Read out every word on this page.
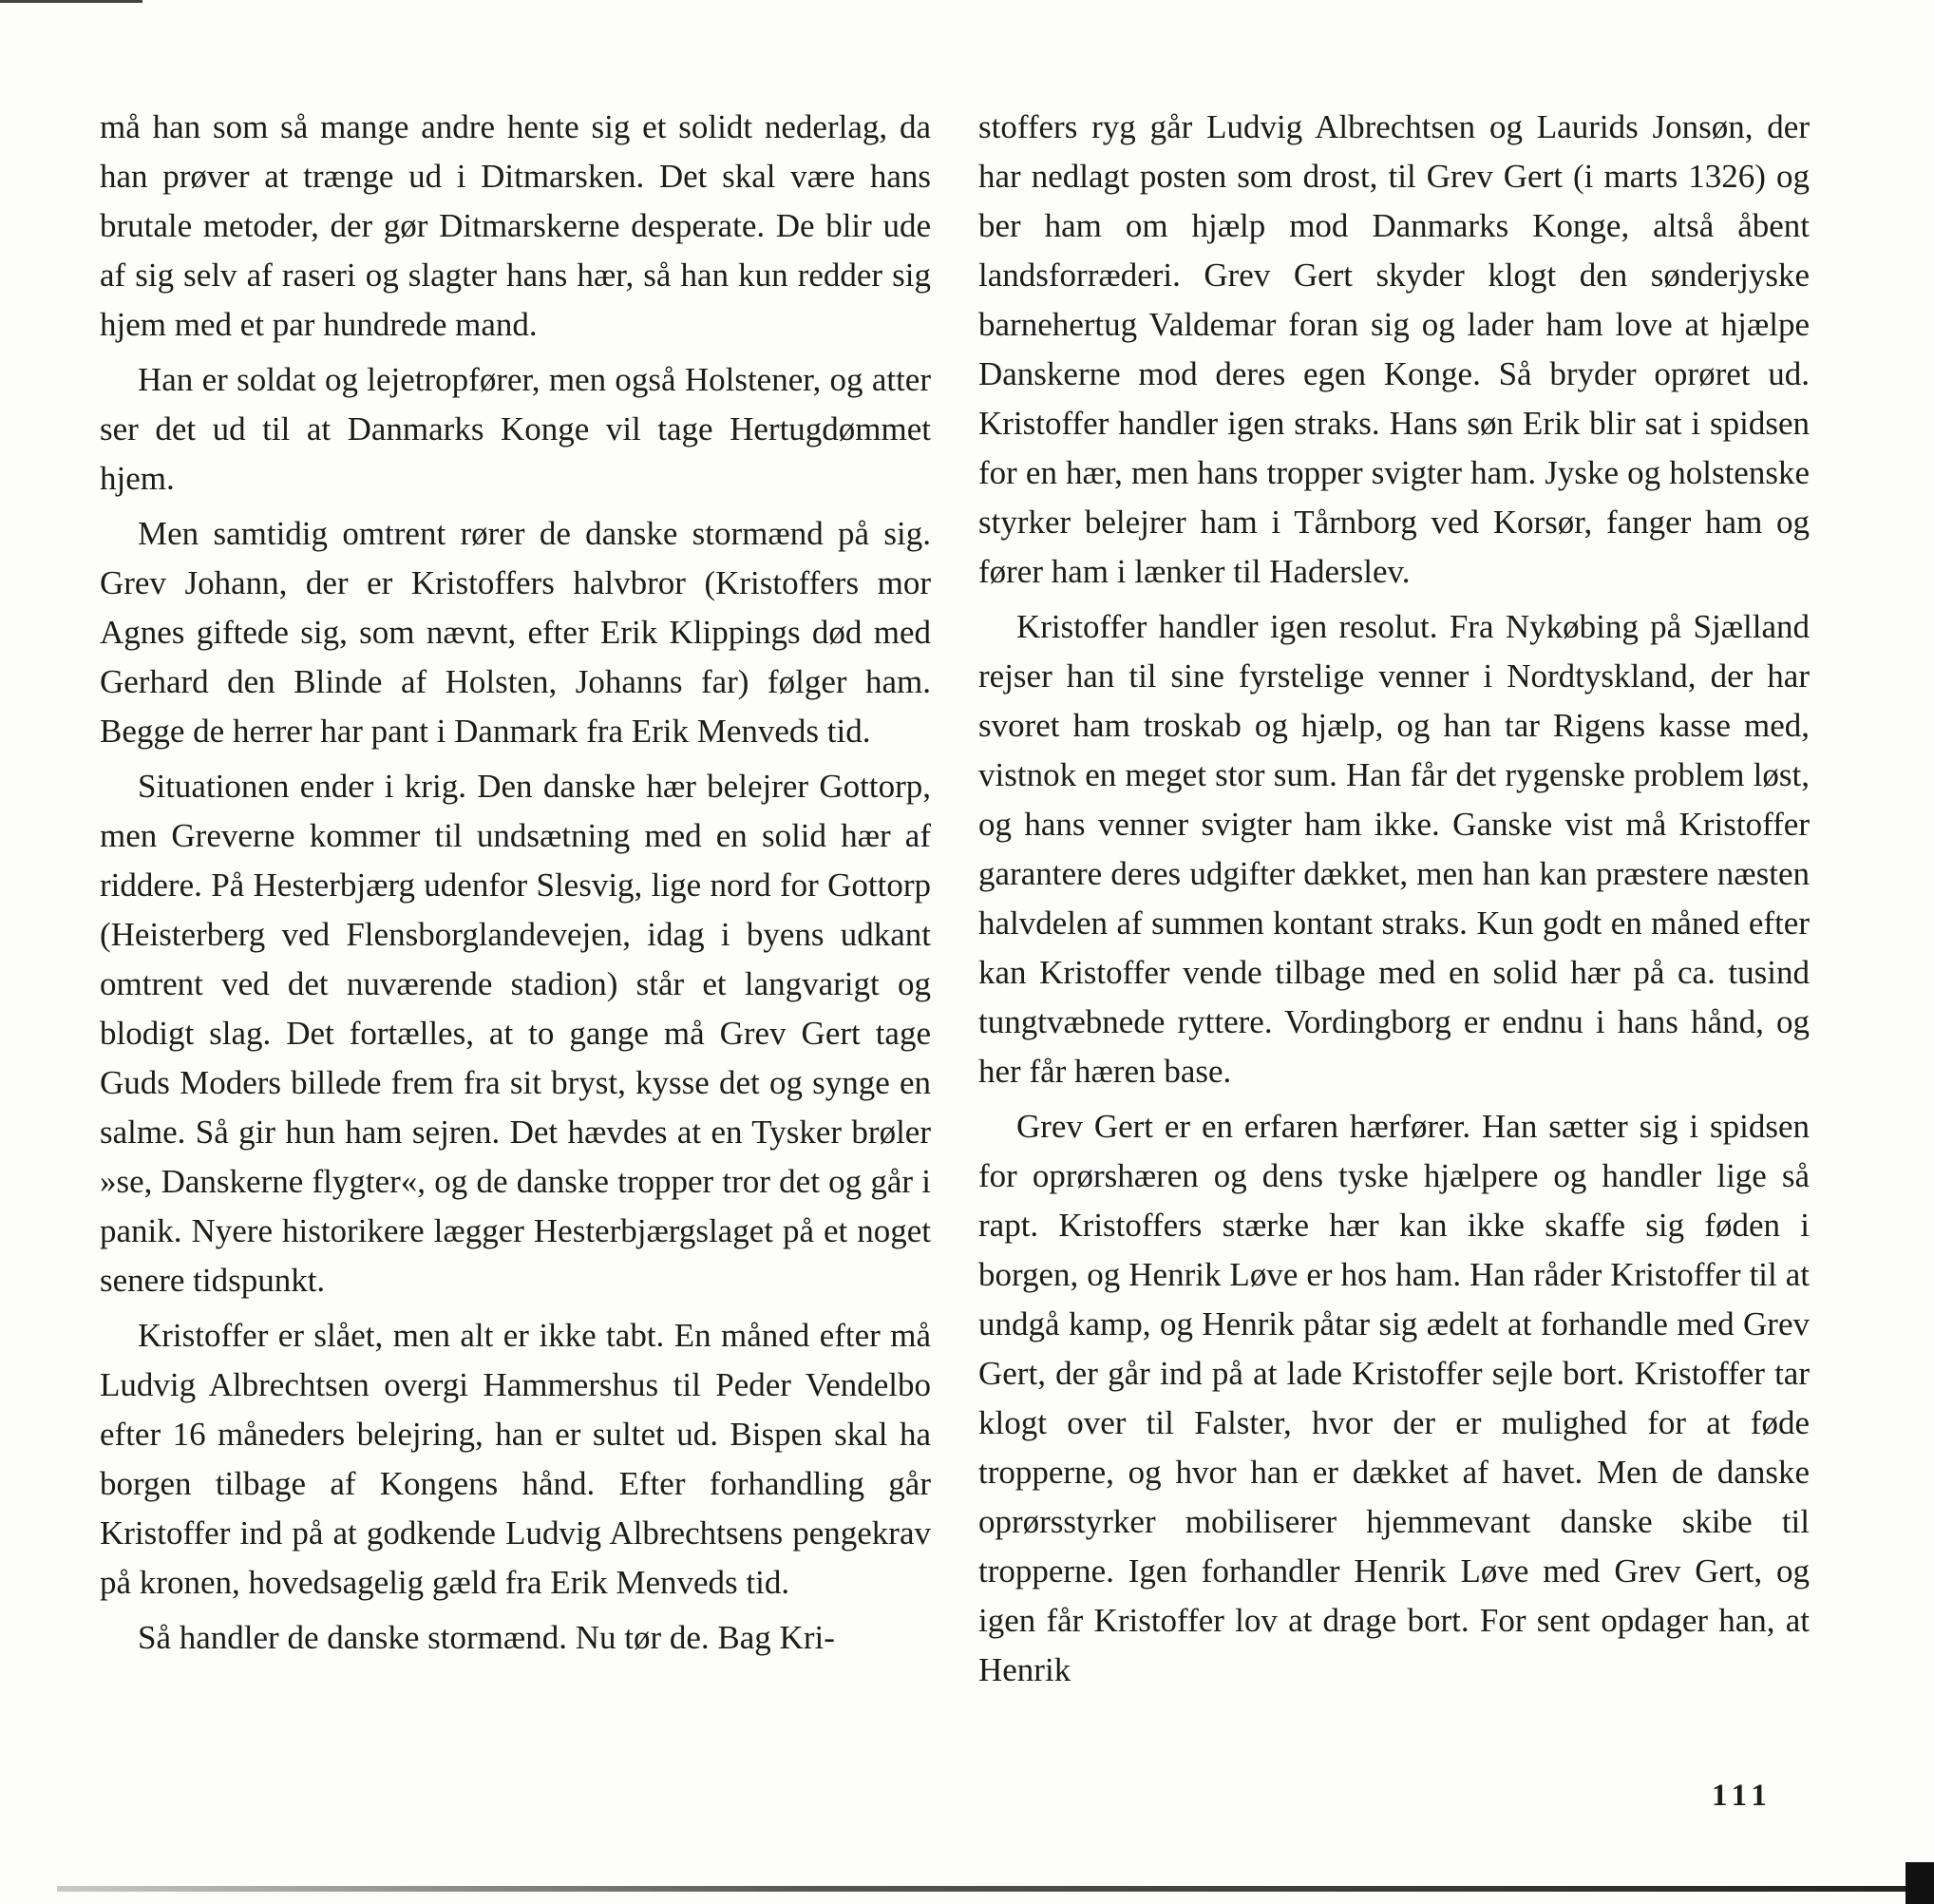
må han som så mange andre hente sig et solidt nederlag, da han prøver at trænge ud i Ditmarsken. Det skal være hans brutale metoder, der gør Ditmarskerne desperate. De blir ude af sig selv af raseri og slagter hans hær, så han kun redder sig hjem med et par hundrede mand.

Han er soldat og lejetropfører, men også Holstener, og atter ser det ud til at Danmarks Konge vil tage Hertugdømmet hjem.

Men samtidig omtrent rører de danske stormænd på sig. Grev Johann, der er Kristoffers halvbror (Kristoffers mor Agnes giftede sig, som nævnt, efter Erik Klippings død med Gerhard den Blinde af Holsten, Johanns far) følger ham. Begge de herrer har pant i Danmark fra Erik Menveds tid.

Situationen ender i krig. Den danske hær belejrer Gottorp, men Greverne kommer til undsætning med en solid hær af riddere. På Hesterbjærg udenfor Slesvig, lige nord for Gottorp (Heisterberg ved Flensborglandevejen, idag i byens udkant omtrent ved det nuværende stadion) står et langvarigt og blodigt slag. Det fortælles, at to gange må Grev Gert tage Guds Moders billede frem fra sit bryst, kysse det og synge en salme. Så gir hun ham sejren. Det hævdes at en Tysker brøler »se, Danskerne flygter«, og de danske tropper tror det og går i panik. Nyere historikere lægger Hesterbjærgslaget på et noget senere tidspunkt.

Kristoffer er slået, men alt er ikke tabt. En måned efter må Ludvig Albrechtsen overgi Hammershus til Peder Vendelbo efter 16 måneders belejring, han er sultet ud. Bispen skal ha borgen tilbage af Kongens hånd. Efter forhandling går Kristoffer ind på at godkende Ludvig Albrechtsens pengekrav på kronen, hovedsagelig gæld fra Erik Menveds tid.

Så handler de danske stormænd. Nu tør de. Bag Kri-

stoffers ryg går Ludvig Albrechtsen og Laurids Jonsøn, der har nedlagt posten som drost, til Grev Gert (i marts 1326) og ber ham om hjælp mod Danmarks Konge, altså åbent landsforræderi. Grev Gert skyder klogt den sønderjyske barnehertug Valdemar foran sig og lader ham love at hjælpe Danskerne mod deres egen Konge. Så bryder oprøret ud. Kristoffer handler igen straks. Hans søn Erik blir sat i spidsen for en hær, men hans tropper svigter ham. Jyske og holstenske styrker belejrer ham i Tårnborg ved Korsør, fanger ham og fører ham i lænker til Haderslev.

Kristoffer handler igen resolut. Fra Nykøbing på Sjælland rejser han til sine fyrstelige venner i Nordtyskland, der har svoret ham troskab og hjælp, og han tar Rigens kasse med, vistnok en meget stor sum. Han får det rygenske problem løst, og hans venner svigter ham ikke. Ganske vist må Kristoffer garantere deres udgifter dækket, men han kan præstere næsten halvdelen af summen kontant straks. Kun godt en måned efter kan Kristoffer vende tilbage med en solid hær på ca. tusind tungtvæbnede ryttere. Vordingborg er endnu i hans hånd, og her får hæren base.

Grev Gert er en erfaren hærfører. Han sætter sig i spidsen for oprørshæren og dens tyske hjælpere og handler lige så rapt. Kristoffers stærke hær kan ikke skaffe sig føden i borgen, og Henrik Løve er hos ham. Han råder Kristoffer til at undgå kamp, og Henrik påtar sig ædelt at forhandle med Grev Gert, der går ind på at lade Kristoffer sejle bort. Kristoffer tar klogt over til Falster, hvor der er mulighed for at føde tropperne, og hvor han er dækket af havet. Men de danske oprørsstyrker mobiliserer hjemmevant danske skibe til tropperne. Igen forhandler Henrik Løve med Grev Gert, og igen får Kristoffer lov at drage bort. For sent opdager han, at Henrik

111
